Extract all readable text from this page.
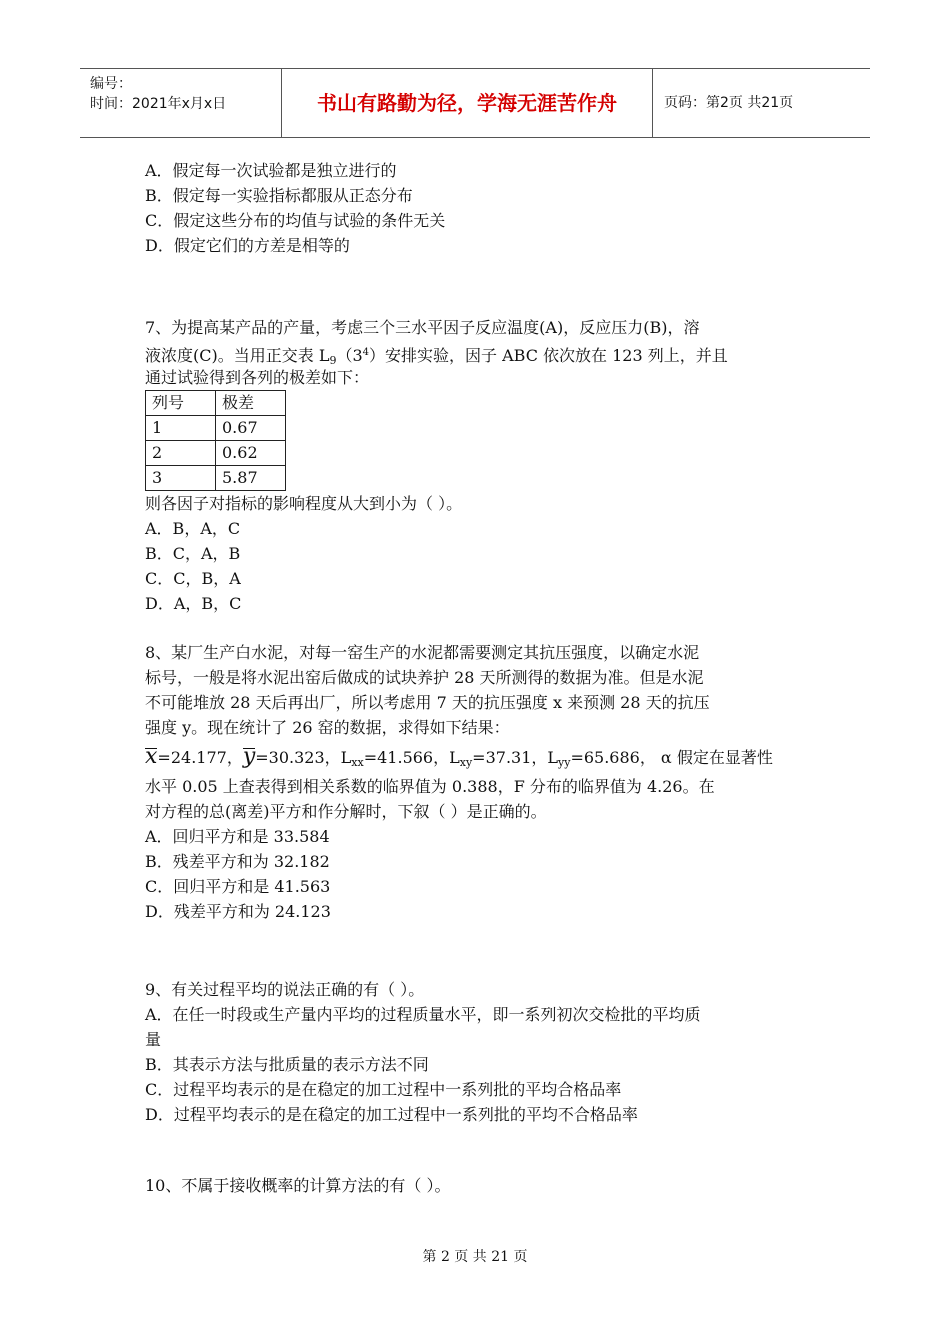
编号：
时间：2021年x月x日	书山有路勤为径，学海无涯苦作舟	页码：第2页 共21页
A．假定每一次试验都是独立进行的
B．假定每一实验指标都服从正态分布
C．假定这些分布的均值与试验的条件无关
D．假定它们的方差是相等的
7、为提高某产品的产量，考虑三个三水平因子反应温度(A)，反应压力(B)，溶
液浓度(C)。当用正交表 $L_9(3^4)$安排实验，因子 ABC 依次放在 123 列上，并且
通过试验得到各列的极差如下：
列号	极差
1	0.67
2	0.62
3	5.87
则各因子对指标的影响程度从大到小为（ ）。
A．B，A，C
B．C，A，B
C．C，B，A
D．A，B，C
8、某厂生产白水泥，对每一窑生产的水泥都需要测定其抗压强度，以确定水泥
标号，一般是将水泥出窑后做成的试块养护 28 天所测得的数据为准。但是水泥
不可能堆放 28 天后再出厂，所以考虑用 7 天的抗压强度 x 来预测 28 天的抗压
强度 y。现在统计了 26 窑的数据，求得如下结果：
x=24.177，
y=30.323，$L_{xx}=41.566$，$L_{xy}=37.31$，$L_{yy}=65.686$， α 假定在显著性
水平 0.05 上查表得到相关系数的临界值为 0.388，F 分布的临界值为 4.26。在
对方程的总(离差)平方和作分解时，下叙（ ）是正确的。
A．回归平方和是 33.584
B．残差平方和为 32.182
C．回归平方和是 41.563
D．残差平方和为 24.123
9、有关过程平均的说法正确的有（ ）。
A．在任一时段或生产量内平均的过程质量水平，即一系列初次交检批的平均质
量
B．其表示方法与批质量的表示方法不同
C．过程平均表示的是在稳定的加工过程中一系列批的平均合格品率
D．过程平均表示的是在稳定的加工过程中一系列批的平均不合格品率
10、不属于接收概率的计算方法的有（ ）。
第 2 页 共 21 页
